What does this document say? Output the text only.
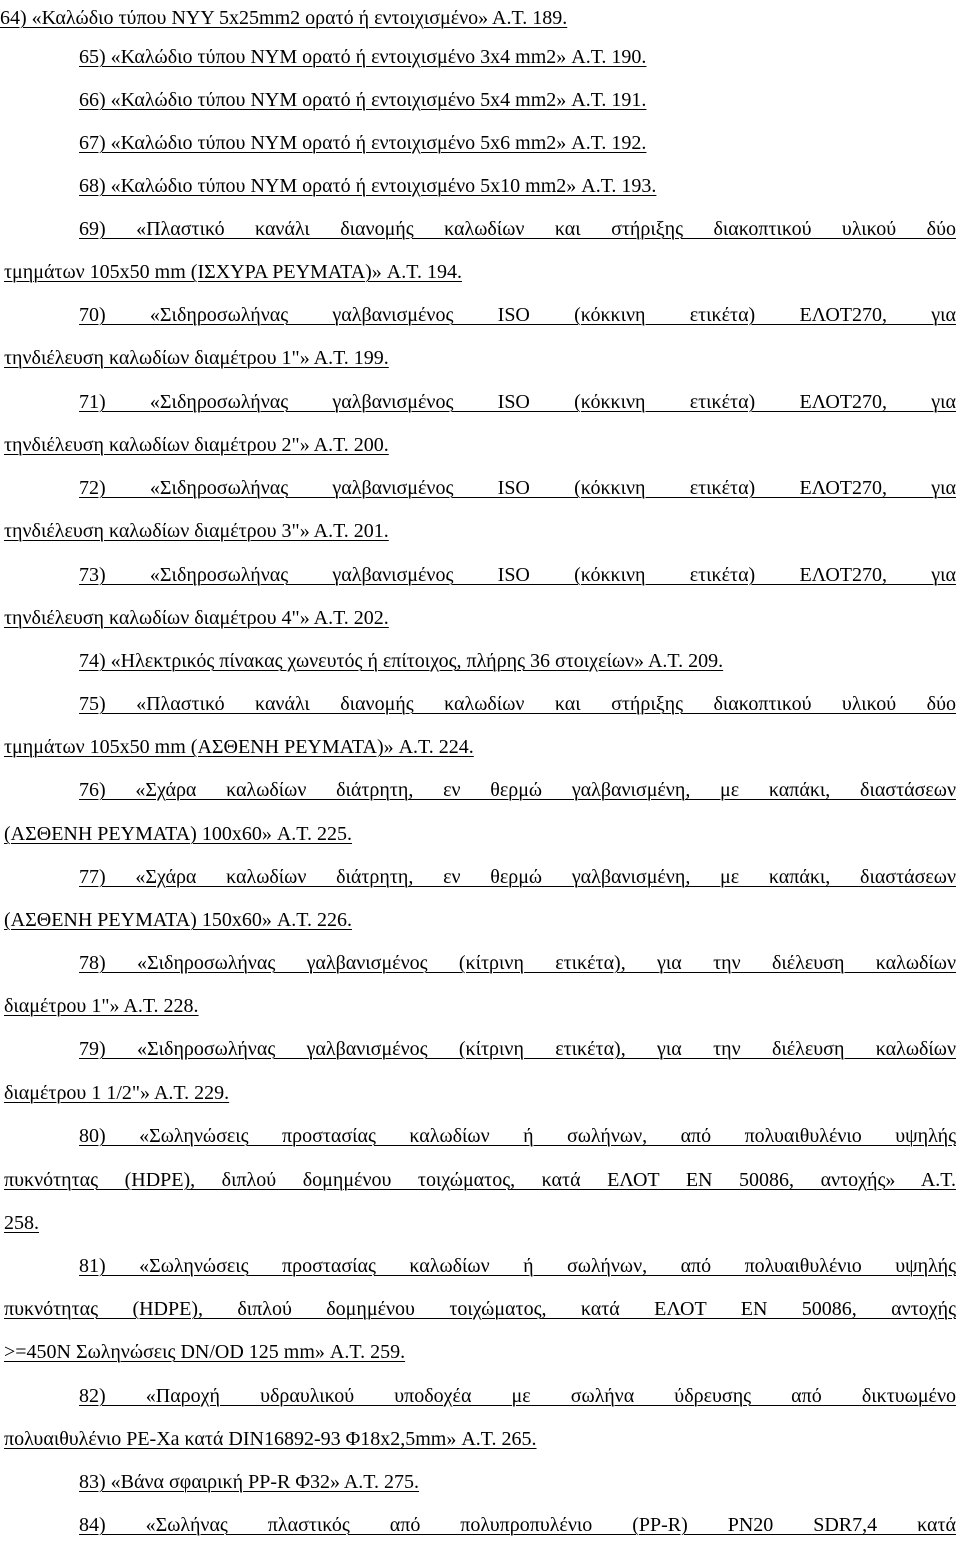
64) «Καλώδιο τύπου NYY 5x25mm2 ορατό ή εντοιχισμένο» Α.Τ. 189.
65) «Καλώδιο τύπου NYM ορατό ή εντοιχισμένο 3x4 mm2» Α.Τ. 190.
66) «Καλώδιο τύπου NYM ορατό ή εντοιχισμένο 5x4 mm2» Α.Τ. 191.
67) «Καλώδιο τύπου NYM ορατό ή εντοιχισμένο 5x6 mm2» Α.Τ. 192.
68) «Καλώδιο τύπου NYM ορατό ή εντοιχισμένο 5x10 mm2» Α.Τ. 193.
69) «Πλαστικό κανάλι διανομής καλωδίων και στήριξης διακοπτικού υλικού δύο
τμημάτων 105x50 mm (ΙΣΧΥΡΑ ΡΕΥΜΑΤΑ)» Α.Τ. 194.
70) «Σιδηροσωλήνας γαλβανισμένος ISO (κόκκινη ετικέτα) ΕΛΟΤ270, για
τηνδιέλευση καλωδίων διαμέτρου 1"» Α.Τ. 199.
71) «Σιδηροσωλήνας γαλβανισμένος ISO (κόκκινη ετικέτα) ΕΛΟΤ270, για
τηνδιέλευση καλωδίων διαμέτρου 2"» Α.Τ. 200.
72) «Σιδηροσωλήνας γαλβανισμένος ISO (κόκκινη ετικέτα) ΕΛΟΤ270, για
τηνδιέλευση καλωδίων διαμέτρου 3"» Α.Τ. 201.
73) «Σιδηροσωλήνας γαλβανισμένος ISO (κόκκινη ετικέτα) ΕΛΟΤ270, για
τηνδιέλευση καλωδίων διαμέτρου 4"» Α.Τ. 202.
74) «Ηλεκτρικός πίνακας χωνευτός ή επίτοιχος, πλήρης 36 στοιχείων» Α.Τ. 209.
75) «Πλαστικό κανάλι διανομής καλωδίων και στήριξης διακοπτικού υλικού δύο
τμημάτων 105x50 mm (ΑΣΘΕΝΗ ΡΕΥΜΑΤΑ)» Α.Τ. 224.
76) «Σχάρα καλωδίων διάτρητη, εν θερμώ γαλβανισμένη, με καπάκι, διαστάσεων
(ΑΣΘΕΝΗ ΡΕΥΜΑΤΑ) 100x60» Α.Τ. 225.
77) «Σχάρα καλωδίων διάτρητη, εν θερμώ γαλβανισμένη, με καπάκι, διαστάσεων
(ΑΣΘΕΝΗ ΡΕΥΜΑΤΑ) 150x60» Α.Τ. 226.
78) «Σιδηροσωλήνας γαλβανισμένος (κίτρινη ετικέτα), για την διέλευση καλωδίων
διαμέτρου 1"» Α.Τ. 228.
79) «Σιδηροσωλήνας γαλβανισμένος (κίτρινη ετικέτα), για την διέλευση καλωδίων
διαμέτρου 1 1/2"» Α.Τ. 229.
80) «Σωληνώσεις προστασίας καλωδίων ή σωλήνων, από πολυαιθυλένιο υψηλής
πυκνότητας (HDPE), διπλού δομημένου τοιχώματος, κατά ΕΛΟΤ EN 50086, αντοχής» Α.Τ.
258.
81) «Σωληνώσεις προστασίας καλωδίων ή σωλήνων, από πολυαιθυλένιο υψηλής
πυκνότητας (HDPE), διπλού δομημένου τοιχώματος, κατά ΕΛΟΤ EN 50086, αντοχής
>=450N Σωληνώσεις DN/OD 125 mm» Α.Τ. 259.
82) «Παροχή υδραυλικού υποδοχέα με σωλήνα ύδρευσης από δικτυωμένο
πολυαιθυλένιο PE-Xa κατά DIN16892-93 Φ18x2,5mm» Α.Τ. 265.
83) «Βάνα σφαιρική PP-R Φ32» Α.Τ. 275.
84) «Σωλήνας πλαστικός από πολυπροπυλένιο (PP-R) PN20 SDR7,4 κατά
